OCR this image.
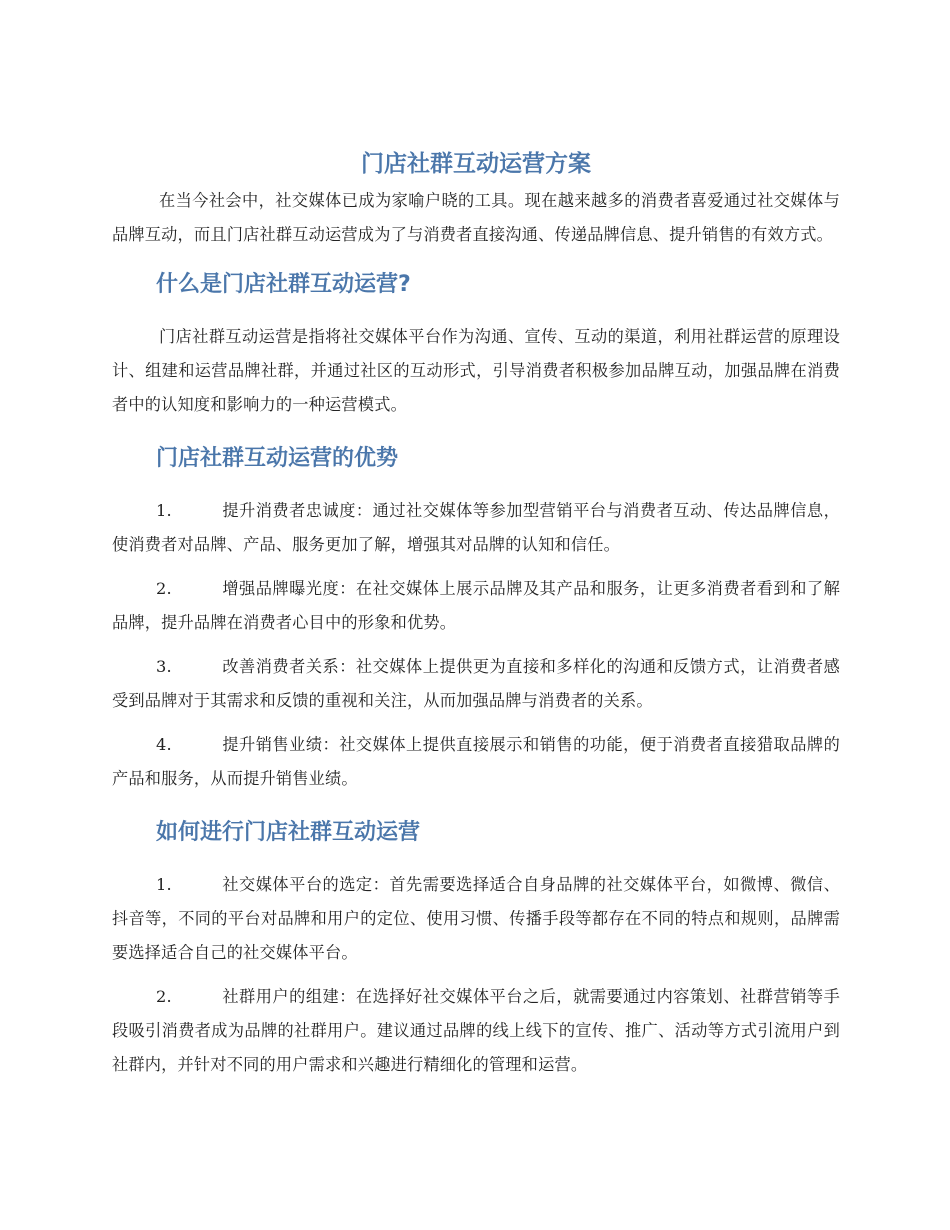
门店社群互动运营方案

在当今社会中，社交媒体已成为家喻户晓的工具。现在越来越多的消费者喜爱通过社交媒体与品牌互动，而且门店社群互动运营成为了与消费者直接沟通、传递品牌信息、提升销售的有效方式。

什么是门店社群互动运营?

门店社群互动运营是指将社交媒体平台作为沟通、宣传、互动的渠道，利用社群运营的原理设计、组建和运营品牌社群，并通过社区的互动形式，引导消费者积极参加品牌互动，加强品牌在消费者中的认知度和影响力的一种运营模式。

门店社群互动运营的优势

1.	提升消费者忠诚度：通过社交媒体等参加型营销平台与消费者互动、传达品牌信息，使消费者对品牌、产品、服务更加了解，增强其对品牌的认知和信任。

2.	增强品牌曝光度：在社交媒体上展示品牌及其产品和服务，让更多消费者看到和了解品牌，提升品牌在消费者心目中的形象和优势。

3.	改善消费者关系：社交媒体上提供更为直接和多样化的沟通和反馈方式，让消费者感受到品牌对于其需求和反馈的重视和关注，从而加强品牌与消费者的关系。

4.	提升销售业绩：社交媒体上提供直接展示和销售的功能，便于消费者直接猎取品牌的产品和服务，从而提升销售业绩。

如何进行门店社群互动运营

1.	社交媒体平台的选定：首先需要选择适合自身品牌的社交媒体平台，如微博、微信、抖音等，不同的平台对品牌和用户的定位、使用习惯、传播手段等都存在不同的特点和规则，品牌需要选择适合自己的社交媒体平台。

2.	社群用户的组建：在选择好社交媒体平台之后，就需要通过内容策划、社群营销等手段吸引消费者成为品牌的社群用户。建议通过品牌的线上线下的宣传、推广、活动等方式引流用户到社群内，并针对不同的用户需求和兴趣进行精细化的管理和运营。
